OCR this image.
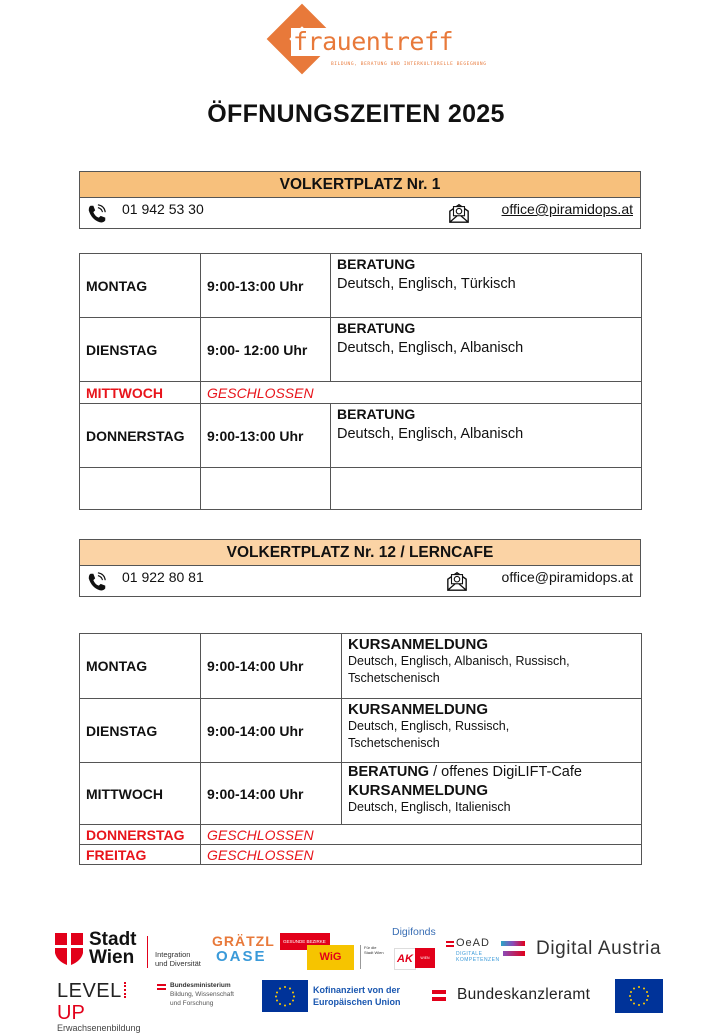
frauentreff
BILDUNG, BERATUNG UND INTERKULTURELLE BEGEGNUNG
ÖFFNUNGSZEITEN 2025
VOLKERTPLATZ Nr. 1
01 942 53 30	office@piramidops.at
MONTAG	9:00-13:00 Uhr	BERATUNG
Deutsch, Englisch, Türkisch

DIENSTAG	9:00- 12:00 Uhr	BERATUNG
Deutsch, Englisch, Albanisch

MITTWOCH	GESCHLOSSEN	
DONNERSTAG	9:00-13:00 Uhr	BERATUNG
Deutsch, Englisch, Albanisch

VOLKERTPLATZ Nr. 12 / LERNCAFE
01 922 80 81	office@piramidops.at
MONTAG	9:00-14:00 Uhr	KURSANMELDUNG
Deutsch, Englisch, Albanisch, Russisch, Tschetschenisch

DIENSTAG	9:00-14:00 Uhr	KURSANMELDUNG
Deutsch, Englisch, Russisch, Tschetschenisch

MITTWOCH	9:00-14:00 Uhr	BERATUNG / offenes DigiLIFT-Cafe
KURSANMELDUNG
Deutsch, Englisch, Italienisch

DONNERSTAG	GESCHLOSSEN	
FREITAG	GESCHLOSSEN	
Stadt
Wien	Integration
und Diversität
GRÄTZL
OASE
GESUNDE BEZIRKE
WiG
Für die Stadt Wien
Digifonds
AK	WIEN
OeAD
DIGITALE
KOMPETENZEN
Digital Austria
LEVELUP
Erwachsenenbildung
Bundesministerium
Bildung, Wissenschaft
und Forschung
Kofinanziert von der
Europäischen Union	Bundeskanzleramt
